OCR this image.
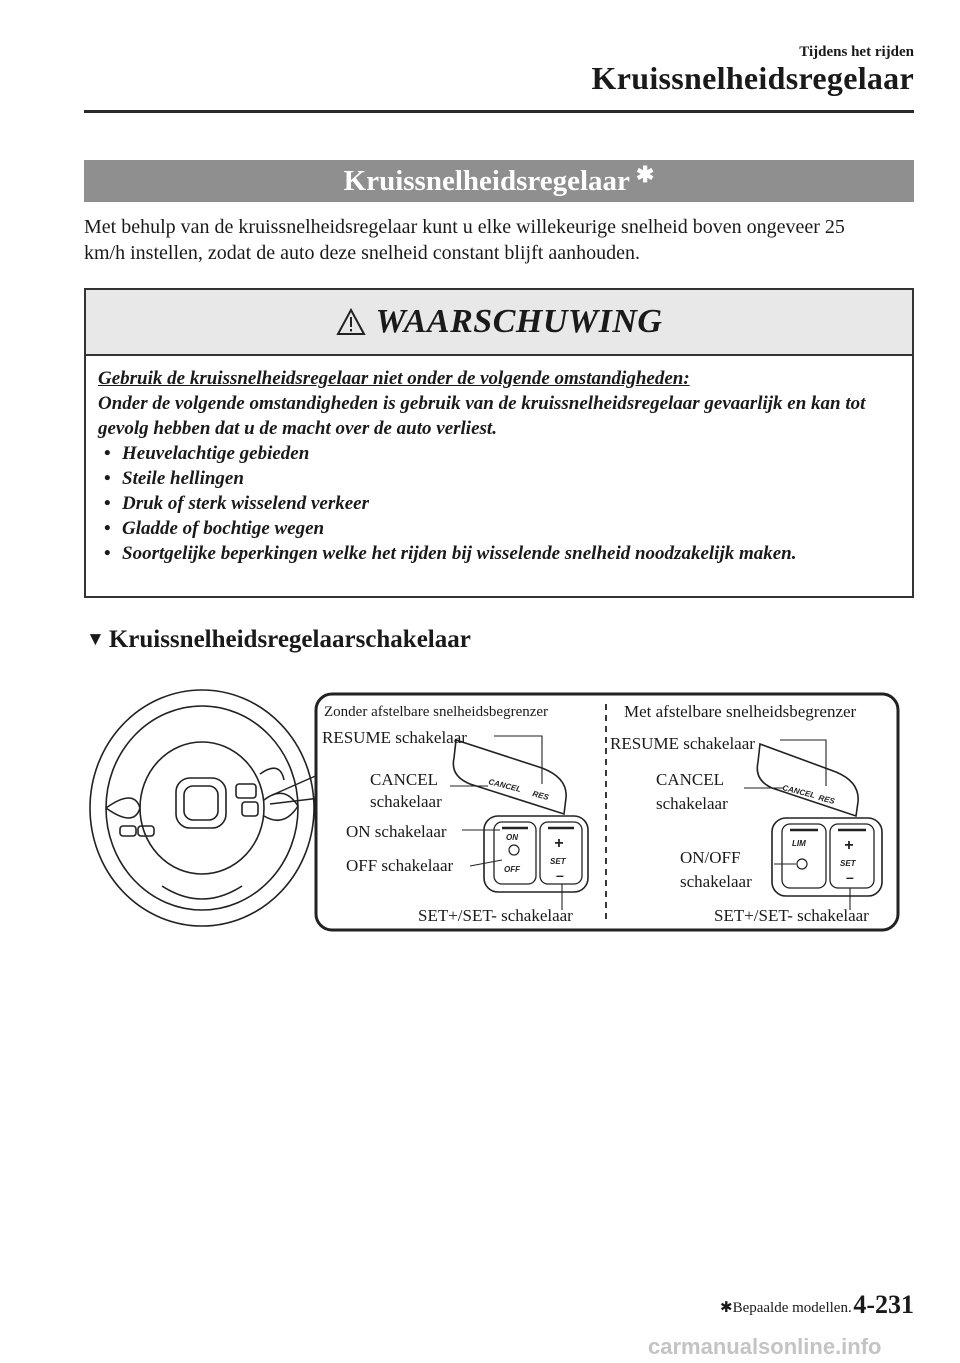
Tijdens het rijden
Kruissnelheidsregelaar
Kruissnelheidsregelaar ✱
Met behulp van de kruissnelheidsregelaar kunt u elke willekeurige snelheid boven ongeveer 25 km/h instellen, zodat de auto deze snelheid constant blijft aanhouden.
WAARSCHUWING
Gebruik de kruissnelheidsregelaar niet onder de volgende omstandigheden:
Onder de volgende omstandigheden is gebruik van de kruissnelheidsregelaar gevaarlijk en kan tot gevolg hebben dat u de macht over de auto verliest.
• Heuvelachtige gebieden
• Steile hellingen
• Druk of sterk wisselend verkeer
• Gladde of bochtige wegen
• Soortgelijke beperkingen welke het rijden bij wisselende snelheid noodzakelijk maken.
▼ Kruissnelheidsregelaarschakelaar
CANCEL
RES
ON
OFF
+
SET
–
CANCEL RES
LIM +
SET
–
Zonder afstelbare snelheidsbegrenzer	Met afstelbare snelheidsbegrenzer
RESUME schakelaar
CANCEL
schakelaar
ON schakelaar
OFF schakelaar
SET+/SET- schakelaar
RESUME schakelaar
CANCEL
schakelaar
ON/OFF
schakelaar
SET+/SET- schakelaar
✱Bepaalde modellen. 4-231
carmanualsonline.info
